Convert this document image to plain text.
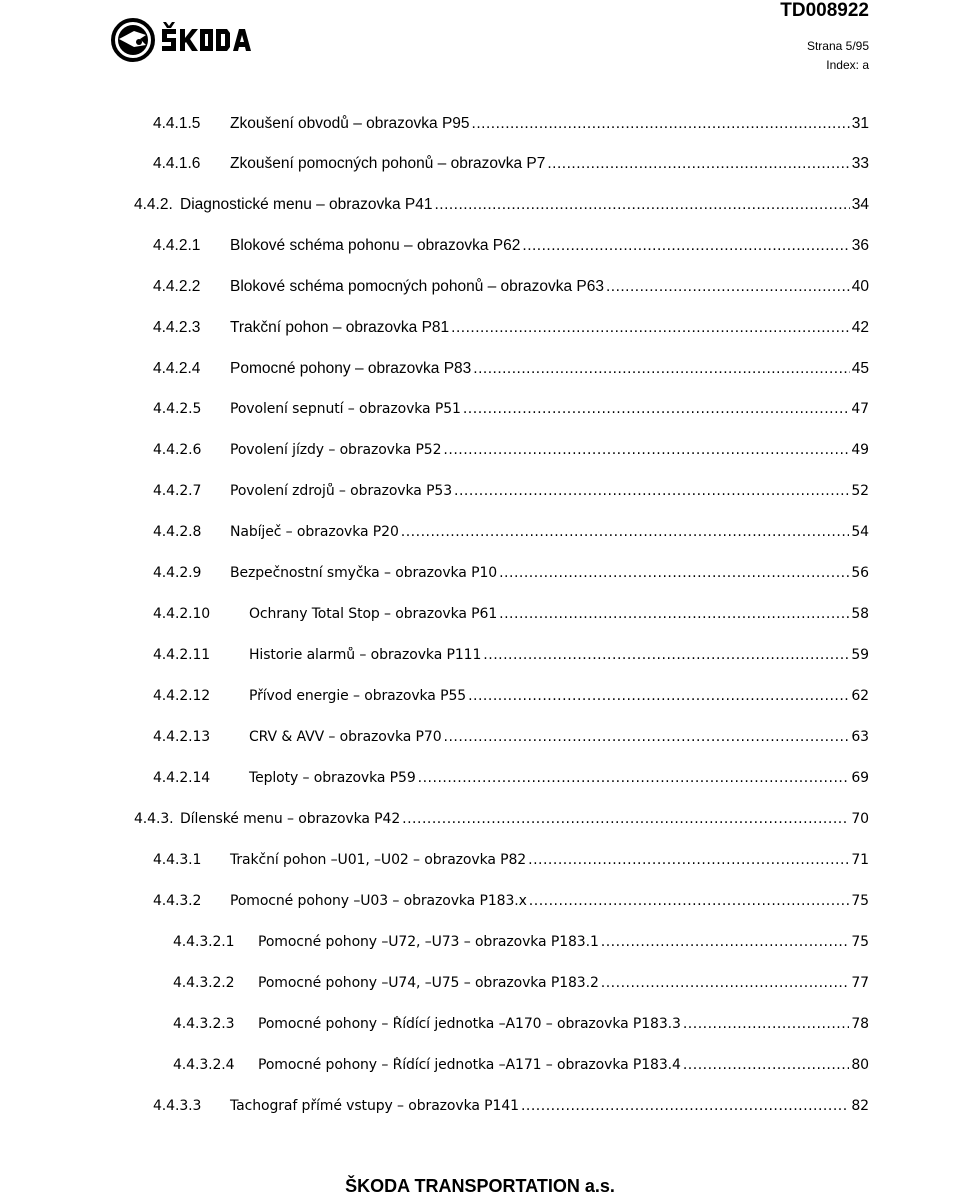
TD008922
Strana 5/95
Index: a
4.4.1.5	Zkoušení obvodů – obrazovka P95 .....	31
4.4.1.6	Zkoušení pomocných pohonů – obrazovka P7 .....	33
4.4.2. Diagnostické menu – obrazovka P41 .....	34
4.4.2.1	Blokové schéma pohonu – obrazovka P62 .....	36
4.4.2.2	Blokové schéma pomocných pohonů – obrazovka P63 .....	40
4.4.2.3	Trakční pohon – obrazovka P81 .....	42
4.4.2.4	Pomocné pohony – obrazovka P83 .....	45
4.4.2.5	Povolení sepnutí – obrazovka P51 .....	47
4.4.2.6	Povolení jízdy – obrazovka P52 .....	49
4.4.2.7	Povolení zdrojů – obrazovka P53 .....	52
4.4.2.8	Nabíječ – obrazovka P20 .....	54
4.4.2.9	Bezpečnostní smyčka – obrazovka P10 .....	56
4.4.2.10	Ochrany Total Stop – obrazovka P61 .....	58
4.4.2.11	Historie alarmů – obrazovka P111 .....	59
4.4.2.12	Přívod energie – obrazovka P55 .....	62
4.4.2.13	CRV & AVV – obrazovka P70 .....	63
4.4.2.14	Teploty – obrazovka P59 .....	69
4.4.3. Dílenské menu – obrazovka P42 .....	70
4.4.3.1	Trakční pohon –U01, –U02 – obrazovka P82 .....	71
4.4.3.2	Pomocné pohony –U03 – obrazovka P183.x .....	75
4.4.3.2.1	Pomocné pohony –U72, –U73 – obrazovka P183.1 .....	75
4.4.3.2.2	Pomocné pohony –U74, –U75 – obrazovka P183.2 .....	77
4.4.3.2.3	Pomocné pohony – Řídící jednotka –A170 – obrazovka P183.3 .....	78
4.4.3.2.4	Pomocné pohony – Řídící jednotka –A171 – obrazovka P183.4 .....	80
4.4.3.3	Tachograf přímé vstupy – obrazovka P141 .....	82
ŠKODA TRANSPORTATION a.s.
